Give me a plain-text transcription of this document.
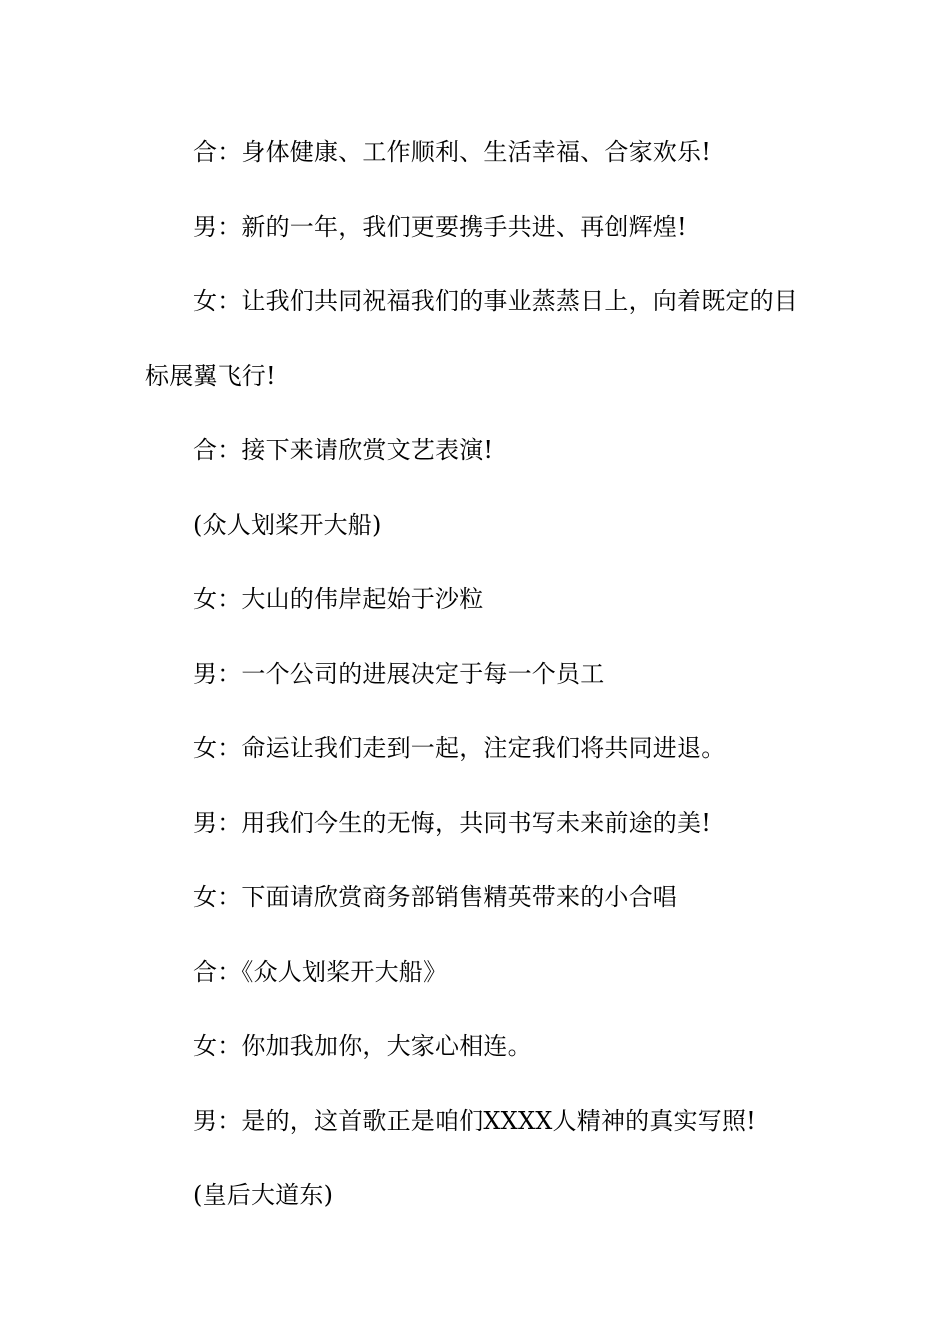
合：身体健康、工作顺利、生活幸福、合家欢乐!
男：新的一年，我们更要携手共进、再创辉煌!
女：让我们共同祝福我们的事业蒸蒸日上，向着既定的目
标展翼飞行!
合：接下来请欣赏文艺表演!
(众人划桨开大船)
女：大山的伟岸起始于沙粒
男：一个公司的进展决定于每一个员工
女：命运让我们走到一起，注定我们将共同进退。
男：用我们今生的无悔，共同书写未来前途的美!
女：下面请欣赏商务部销售精英带来的小合唱
合：《众人划桨开大船》
女：你加我加你，大家心相连。
男：是的，这首歌正是咱们XXXX人精神的真实写照!
(皇后大道东)
